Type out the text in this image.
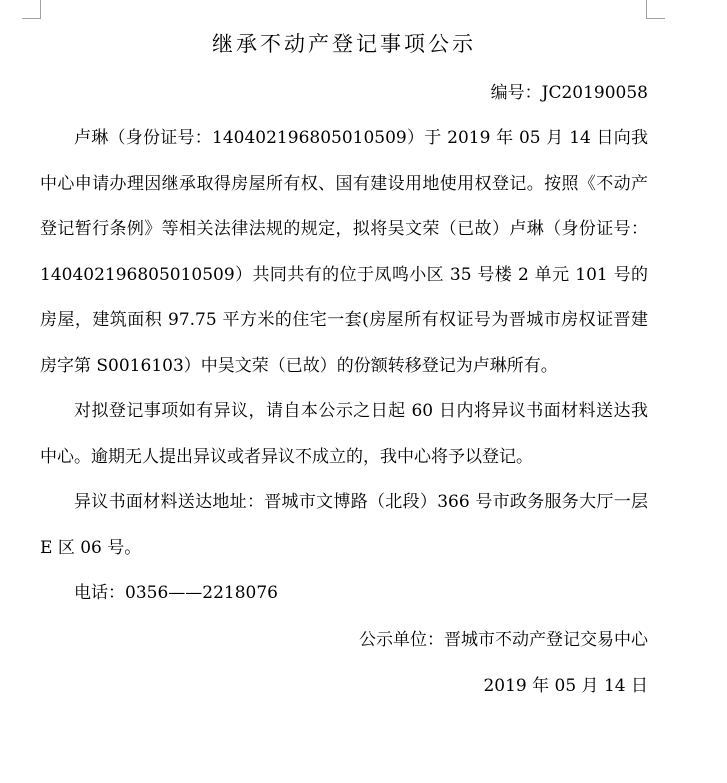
继承不动产登记事项公示

编号：JC20190058

卢琳（身份证号：140402196805010509）于 2019 年 05 月 14 日向我中心申请办理因继承取得房屋所有权、国有建设用地使用权登记。按照《不动产登记暂行条例》等相关法律法规的规定，拟将吴文荣（已故）卢琳（身份证号：140402196805010509）共同共有的位于凤鸣小区 35 号楼 2 单元 101 号的房屋，建筑面积 97.75 平方米的住宅一套(房屋所有权证号为晋城市房权证晋建房字第 S0016103）中吴文荣（已故）的份额转移登记为卢琳所有。

对拟登记事项如有异议，请自本公示之日起 60 日内将异议书面材料送达我中心。逾期无人提出异议或者异议不成立的，我中心将予以登记。

异议书面材料送达地址：晋城市文博路（北段）366 号市政务服务大厅一层 E 区 06 号。

电话：0356——2218076

公示单位：晋城市不动产登记交易中心

2019 年 05 月 14 日
